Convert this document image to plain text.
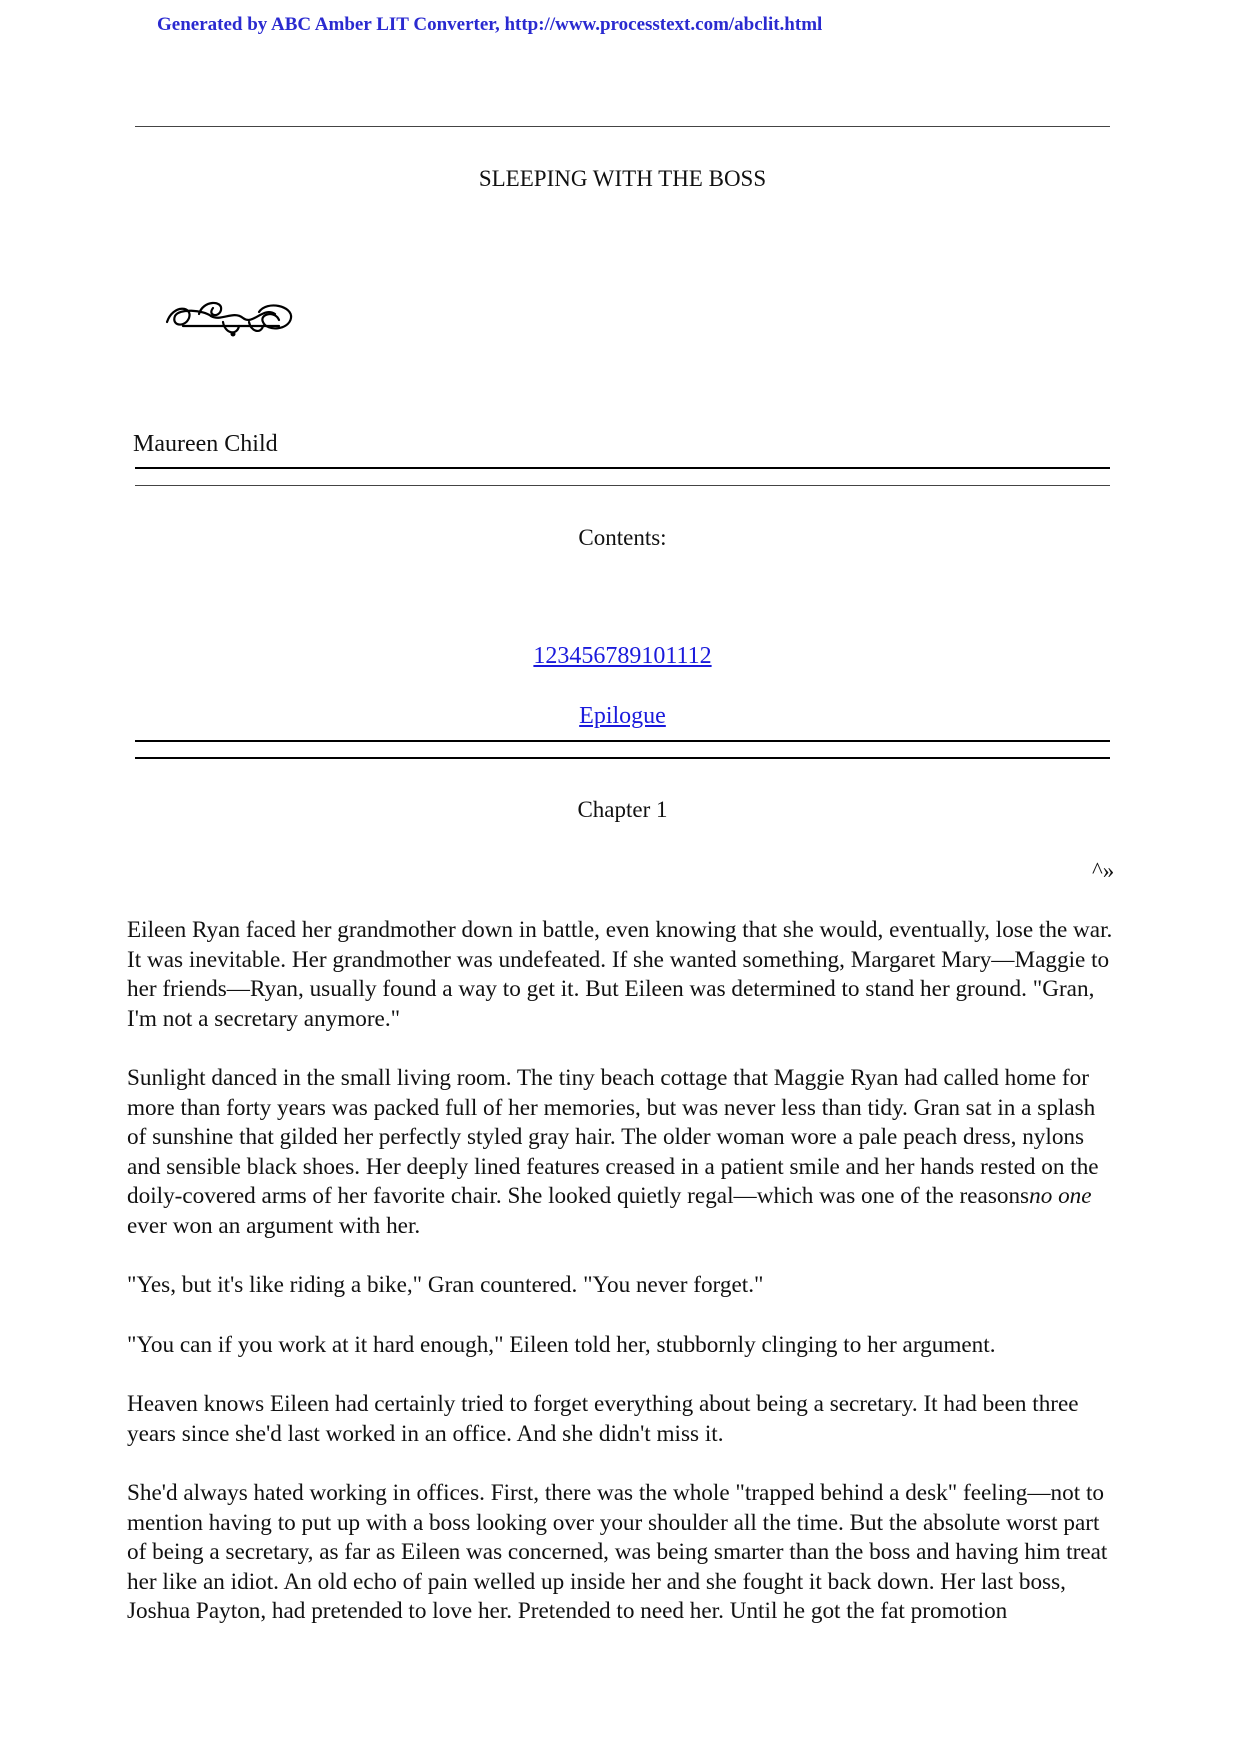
Generated by ABC Amber LIT Converter, http://www.processtext.com/abclit.html
SLEEPING WITH THE BOSS
Maureen Child
Contents:
123456789101112
Epilogue
Chapter 1
^»

Eileen Ryan faced her grandmother down in battle, even knowing that she would, eventually, lose the war. It was inevitable. Her grandmother was undefeated. If she wanted something, Margaret Mary—Maggie to her friends—Ryan, usually found a way to get it. But Eileen was determined to stand her ground. "Gran, I'm not a secretary anymore."

Sunlight danced in the small living room. The tiny beach cottage that Maggie Ryan had called home for more than forty years was packed full of her memories, but was never less than tidy. Gran sat in a splash of sunshine that gilded her perfectly styled gray hair. The older woman wore a pale peach dress, nylons and sensible black shoes. Her deeply lined features creased in a patient smile and her hands rested on the doily-covered arms of her favorite chair. She looked quietly regal—which was one of the reasonsno one ever won an argument with her.

"Yes, but it's like riding a bike," Gran countered. "You never forget."

"You can if you work at it hard enough," Eileen told her, stubbornly clinging to her argument.

Heaven knows Eileen had certainly tried to forget everything about being a secretary. It had been three years since she'd last worked in an office. And she didn't miss it.

She'd always hated working in offices. First, there was the whole "trapped behind a desk" feeling—not to mention having to put up with a boss looking over your shoulder all the time. But the absolute worst part of being a secretary, as far as Eileen was concerned, was being smarter than the boss and having him treat her like an idiot. An old echo of pain welled up inside her and she fought it back down. Her last boss, Joshua Payton, had pretended to love her. Pretended to need her. Until he got the fat promotion
